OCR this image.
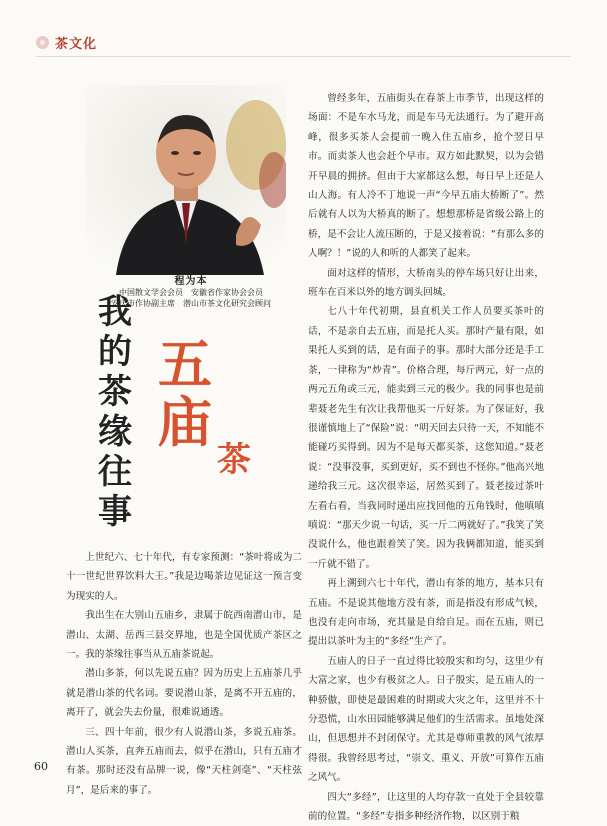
茶文化
程为本
中国散文学会会员　安徽省作家协会会员
安庆市作协副主席　潜山市茶文化研究会顾问
我的茶缘往事
五庙
茶

上世纪六、七十年代，有专家预测：“茶叶将成为二十一世纪世界饮料大王。”我是边喝茶边见证这一预言变为现实的人。

我出生在大别山五庙乡，隶属于皖西南潜山市，是潜山、太湖、岳西三县交界地，也是全国优质产茶区之一。我的茶缘往事当从五庙茶说起。

潜山多茶，何以先说五庙？因为历史上五庙茶几乎就是潜山茶的代名词。要说潜山茶，是离不开五庙的，离开了，就会失去份量，很难说通透。

三、四十年前，很少有人说潜山茶，多说五庙茶。潜山人买茶，直奔五庙而去，似乎在潜山，只有五庙才有茶。那时还没有品牌一说，像“天柱剑毫”、“天柱弦月”，是后来的事了。

曾经多年，五庙街头在春茶上市季节，出现这样的场面：不是车水马龙，而是车马无法通行。为了避开高峰，很多买茶人会提前一晚入住五庙乡，抢个翌日早市。而卖茶人也会赶个早市。双方如此默契，以为会错开早晨的拥挤。但由于大家都这么想，每日早上还是人山人海。有人冷不丁地说一声“今早五庙大桥断了”。然后就有人以为大桥真的断了。想想那桥是省级公路上的桥，是不会让人流压断的，于是又接着说：“有那么多的人啊？！”说的人和听的人都笑了起来。

面对这样的情形，大桥南头的停车场只好让出来，班车在百米以外的地方调头回城。

七八十年代初期，县直机关工作人员要买茶叶的话，不是亲自去五庙，而是托人买。那时产量有限，如果托人买到的话，是有面子的事。那时大部分还是手工茶，一律称为“炒青”。价格合理，每斤两元，好一点的两元五角或三元，能卖到三元的极少。我的同事也是前辈聂老先生有次让我帮他买一斤好茶。为了保证好，我很谨慎地上了“保险”说：“明天回去只待一天，不知能不能碰巧买得到。因为不是每天都买茶，这您知道。”聂老说：“没事没事，买到更好，买不到也不怪你。”他高兴地递给我三元。这次很幸运，居然买到了。聂老接过茶叶左看右看，当我同时递出应找回他的五角钱时，他嗔嗔嗔说：“那天少说一句话，买一斤二两就好了。”我笑了笑没说什么，他也跟着笑了笑。因为我俩都知道，能买到一斤就不错了。

再上溯到六七十年代，潜山有茶的地方，基本只有五庙。不是说其他地方没有茶，而是指没有形成气候，也没有走向市场，充其量是自给自足。而在五庙，则已提出以茶叶为主的“多经”生产了。

五庙人的日子一直过得比较殷实和均匀，这里少有大富之家，也少有极贫之人。日子殷实，是五庙人的一种骄傲，即使是最困难的时期或大灾之年，这里并不十分恐慌，山水田园能够满足他们的生活需求。虽地处深山，但思想并不封闭保守。尤其是尊师重教的风气浓厚得很。我曾经思考过，“崇文、重义、开放”可算作五庙之风气。

四大“多经”，让这里的人均存款一直处于全县较靠前的位置。“多经”专指多种经济作物，以区别于粮

60
